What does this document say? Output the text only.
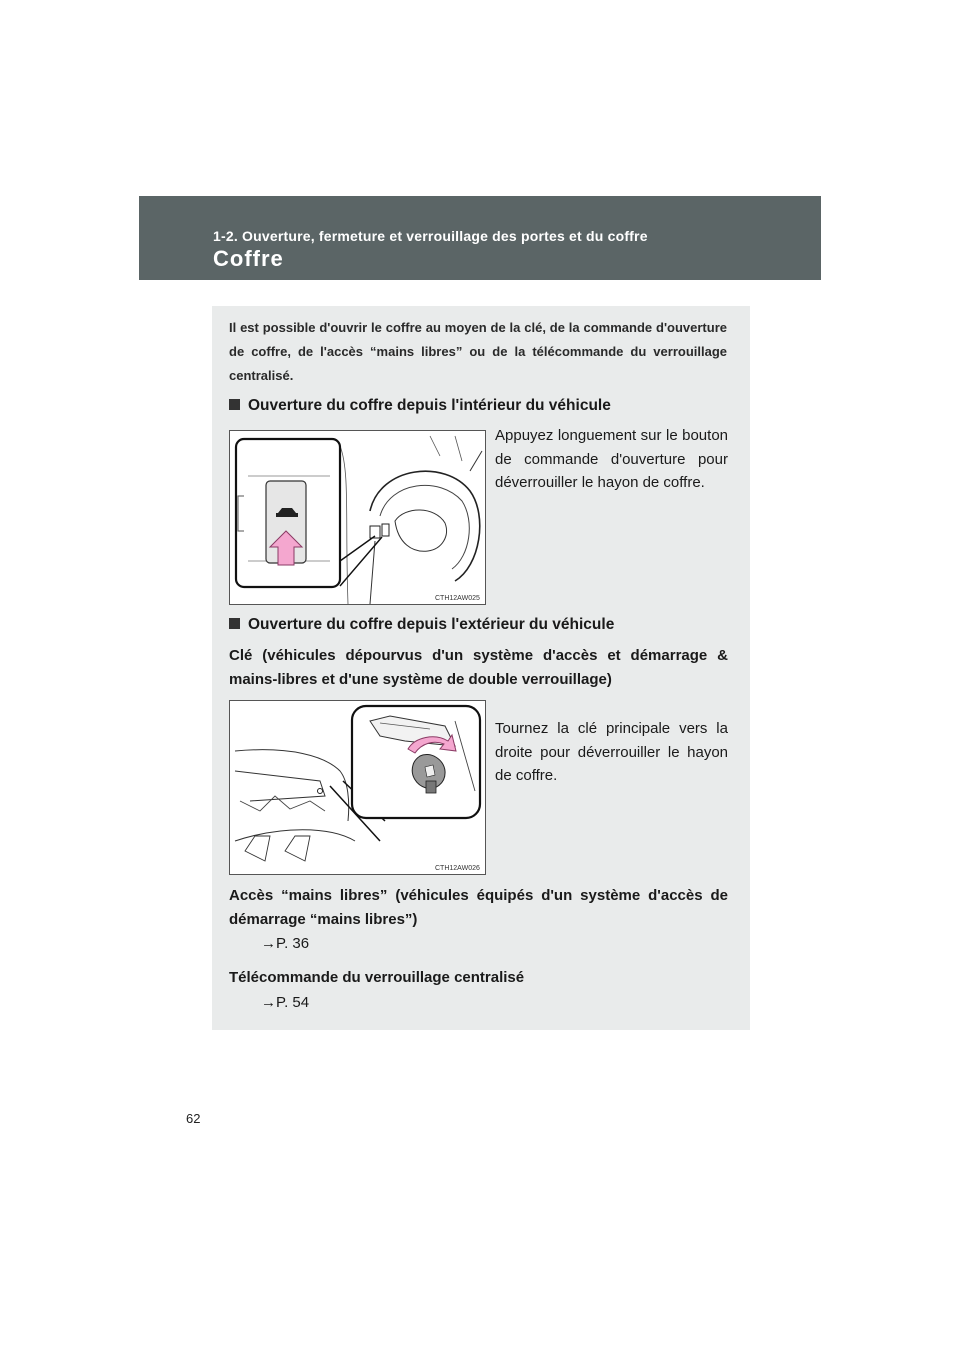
1-2. Ouverture, fermeture et verrouillage des portes et du coffre
Coffre
Il est possible d'ouvrir le coffre au moyen de la clé, de la commande d'ouverture de coffre, de l'accès “mains libres” ou de la télécommande du verrouillage centralisé.
Ouverture du coffre depuis l'intérieur du véhicule
CTH12AW025
Appuyez longuement sur le bouton de commande d'ouverture pour déverrouiller le hayon de coffre.
Ouverture du coffre depuis l'extérieur du véhicule
Clé (véhicules dépourvus d'un système d'accès et démarrage & mains-libres et d'une système de double verrouillage)
CTH12AW026
Tournez la clé principale vers la droite pour déverrouiller le hayon de coffre.
Accès “mains libres” (véhicules équipés d'un système d'accès de démarrage “mains libres”)
→P. 36
Télécommande du verrouillage centralisé
→P. 54
62
